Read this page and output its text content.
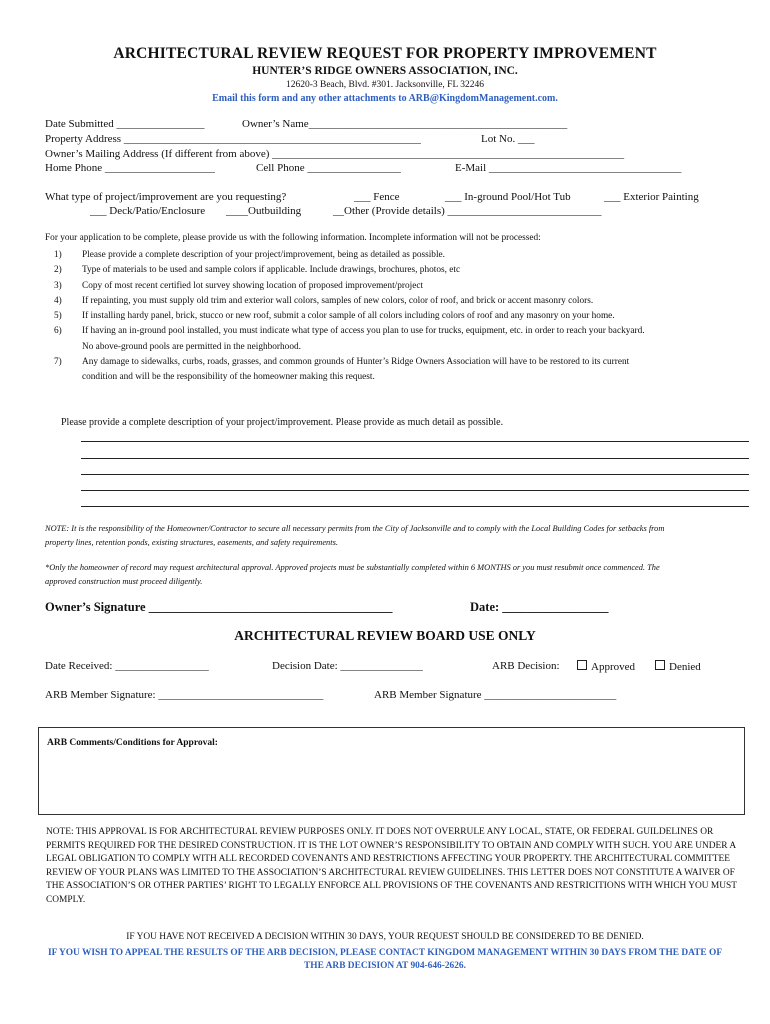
ARCHITECTURAL REVIEW REQUEST FOR PROPERTY IMPROVEMENT
HUNTER’S RIDGE OWNERS ASSOCIATION, INC.
12620-3 Beach, Blvd. #301. Jacksonville, FL 32246
Email this form and any other attachments to ARB@KingdomManagement.com.
Date Submitted ________________	Owner’s Name_______________________________________________
Property Address ______________________________________________________	Lot No. ___
Owner’s Mailing Address (If different from above) ________________________________________________________________
Home Phone ____________________	Cell Phone _________________	E-Mail ___________________________________
What type of project/improvement are you requesting?	___ Fence	___ In-ground Pool/Hot Tub	___ Exterior Painting
___ Deck/Patio/Enclosure ____Outbuilding	__Other (Provide details) ____________________________
For your application to be complete, please provide us with the following information. Incomplete information will not be processed:
1) Please provide a complete description of your project/improvement, being as detailed as possible.
2) Type of materials to be used and sample colors if applicable. Include drawings, brochures, photos, etc
3) Copy of most recent certified lot survey showing location of proposed improvement/project
4) If repainting, you must supply old trim and exterior wall colors, samples of new colors, color of roof, and brick or accent masonry colors.
5) If installing hardy panel, brick, stucco or new roof, submit a color sample of all colors including colors of roof and any masonry on your home.
6) If having an in-ground pool installed, you must indicate what type of access you plan to use for trucks, equipment, etc. in order to reach your backyard.
No above-ground pools are permitted in the neighborhood.
7) Any damage to sidewalks, curbs, roads, grasses, and common grounds of Hunter’s Ridge Owners Association will have to be restored to its current
condition and will be the responsibility of the homeowner making this request.
Please provide a complete description of your project/improvement. Please provide as much detail as possible.
NOTE: It is the responsibility of the Homeowner/Contractor to secure all necessary permits from the City of Jacksonville and to comply with the Local Building Codes for setbacks from
property lines, retention ponds, existing structures, easements, and safety requirements.
*Only the homeowner of record may request architectural approval. Approved projects must be substantially completed within 6 MONTHS or you must resubmit once commenced. The
approved construction must proceed diligently.
Owner’s Signature _______________________________________	Date: _________________
ARCHITECTURAL REVIEW BOARD USE ONLY
Date Received: _________________	Decision Date: _______________	ARB Decision:	Approved	Denied
ARB Member Signature: ______________________________	ARB Member Signature ________________________
ARB Comments/Conditions for Approval:
NOTE: THIS APPROVAL IS FOR ARCHITECTURAL REVIEW PURPOSES ONLY. IT DOES NOT OVERRULE ANY LOCAL, STATE, OR FEDERAL GUILDELINES OR PERMITS REQUIRED FOR THE DESIRED CONSTRUCTION. IT IS THE LOT OWNER’S RESPONSIBILITY TO OBTAIN AND COMPLY WITH SUCH. YOU ARE UNDER A LEGAL OBLIGATION TO COMPLY WITH ALL RECORDED COVENANTS AND RESTRICTIONS AFFECTING YOUR PROPERTY. THE ARCHITECTURAL COMMITTEE REVIEW OF YOUR PLANS WAS LIMITED TO THE ASSOCIATION’S ARCHITECTURAL REVIEW GUIDELINES. THIS LETTER DOES NOT CONSTITUTE A WAIVER OF THE ASSOCIATION’S OR OTHER PARTIES’ RIGHT TO LEGALLY ENFORCE ALL PROVISIONS OF THE COVENANTS AND RESTRICITIONS WITH WHICH YOU MUST COMPLY.
IF YOU HAVE NOT RECEIVED A DECISION WITHIN 30 DAYS, YOUR REQUEST SHOULD BE CONSIDERED TO BE DENIED.
IF YOU WISH TO APPEAL THE RESULTS OF THE ARB DECISION, PLEASE CONTACT KINGDOM MANAGEMENT WITHIN 30 DAYS FROM THE DATE OF THE ARB DECISION AT 904-646-2626.
